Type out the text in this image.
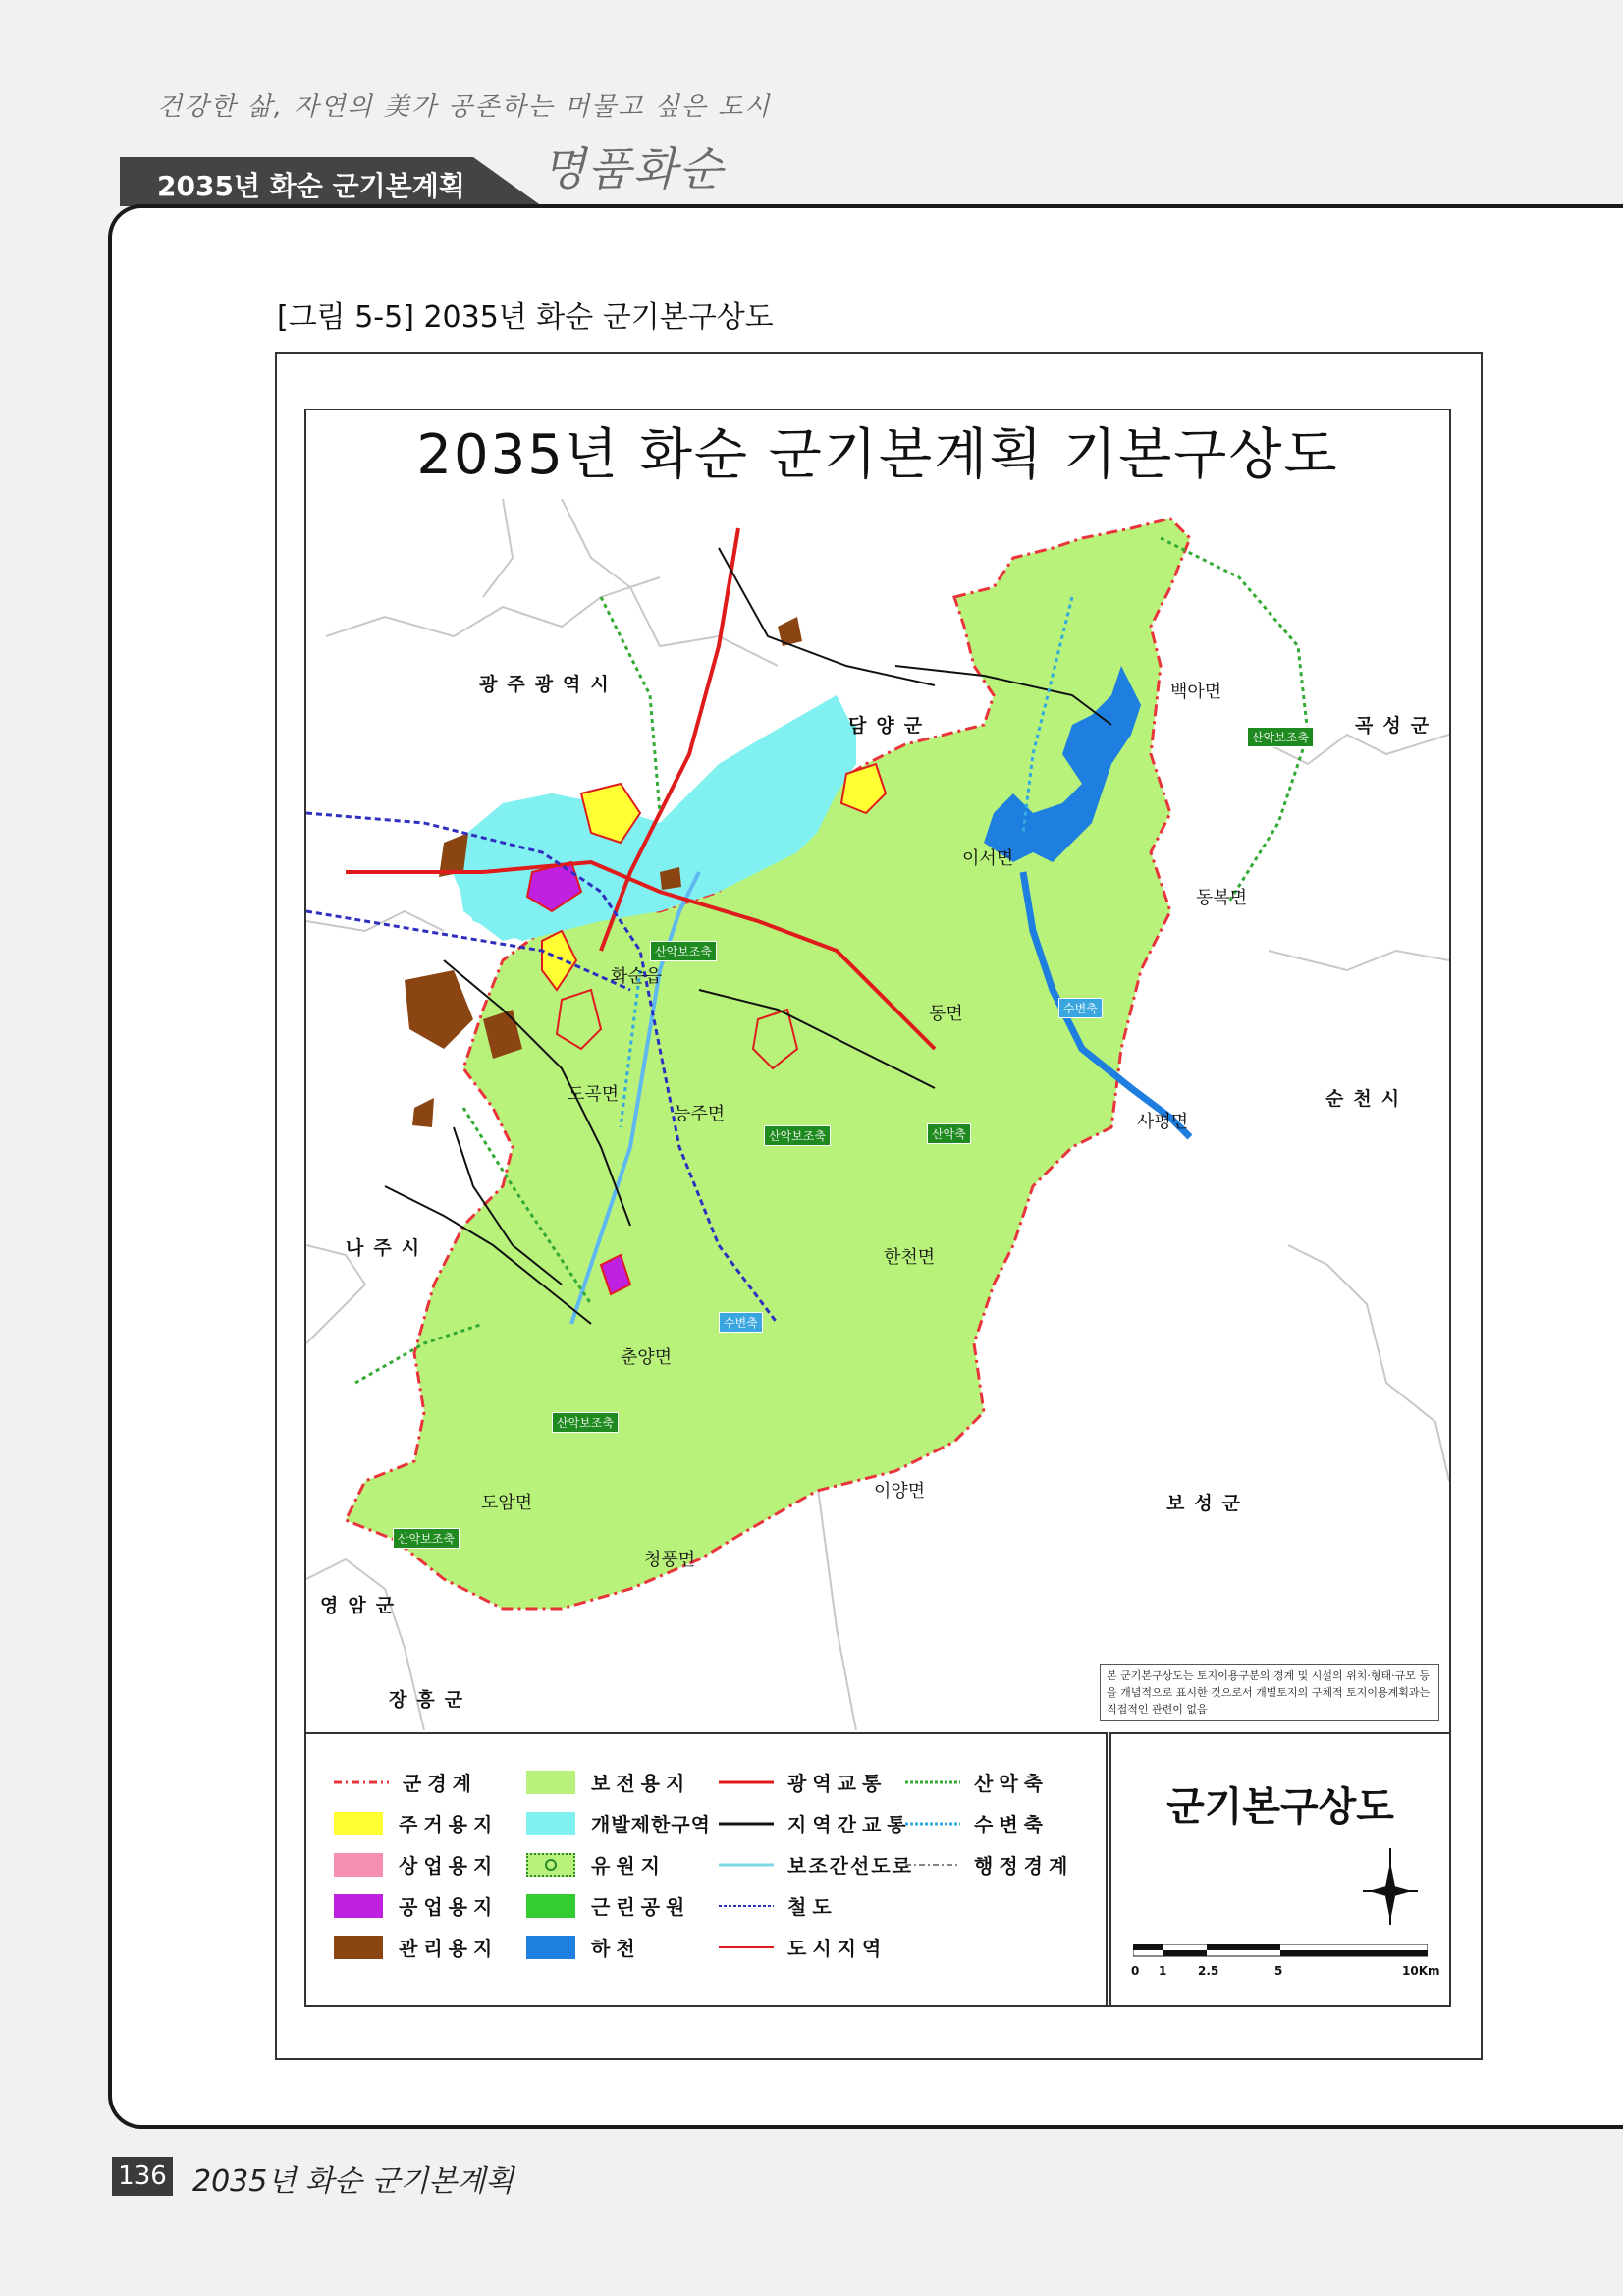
건강한 삶, 자연의 美가 공존하는 머물고 싶은 도시
2035년 화순 군기본계획 명품화순
[그림 5-5] 2035년 화순 군기본구상도
2035년 화순 군기본계획 기본구상도
담양군	곡성군
광주광역시
순천시
나주시
보성군
영암군
장흥군
백아면
이서면
동복면
화순읍
동면
도곡면
능주면	사평면
한천면
춘양면
도암면
이양면
청풍면
산악보조축
산악보조축
산악보조축
산악보조축
산악보조축
산악축
수변축
수변축
본 군기본구상도는 토지이용구분의 경계 및 시설의 위치·형태·규모 등을 개념적으로 표시한 것으로서 개별토지의 구체적 토지이용계획과는 직접적인 관련이 없음
군경계
주거용지
상업용지
공업용지
관리용지
보전용지
개발제한구역
유원지
근린공원
하천
광역교통
지역간교통
보조간선도로
철도
도시지역
산악축
수변축
행정경계
군기본구상도
0 1	2.5	5	10Km
136 2035년 화순 군기본계획
